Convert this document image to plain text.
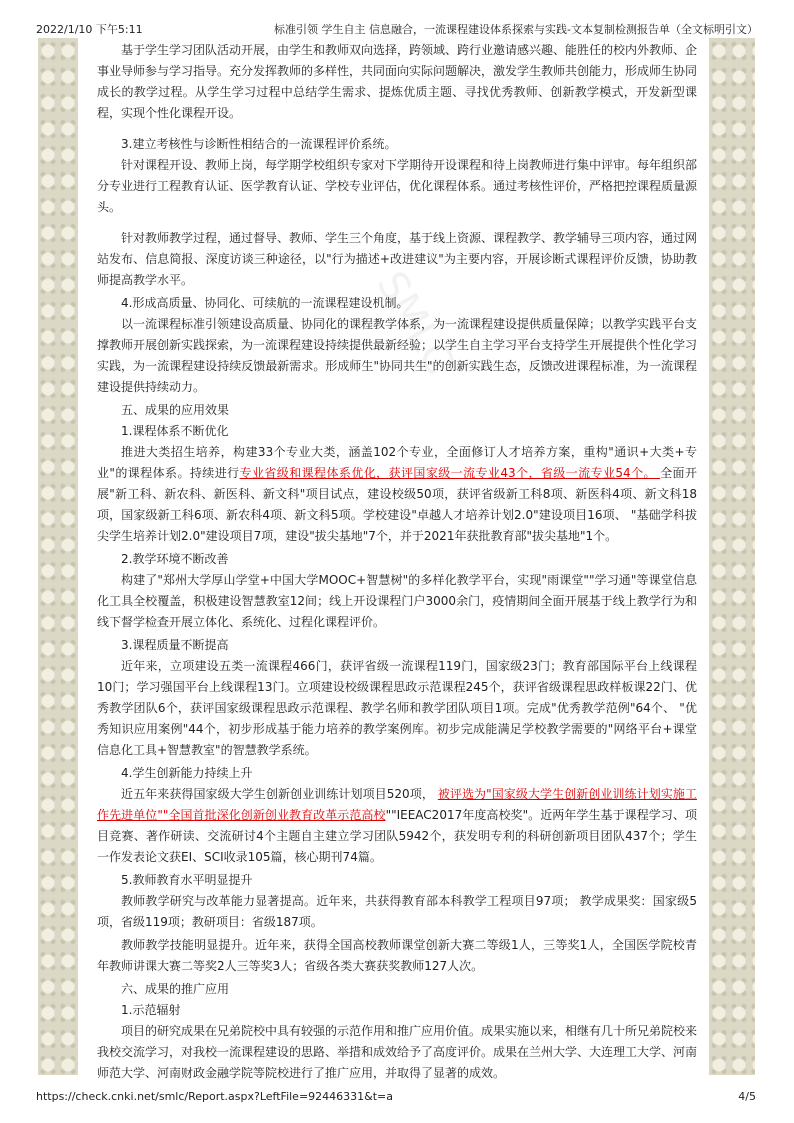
2022/1/10 下午5:11	标准引领 学生自主 信息融合，一流课程建设体系探索与实践-文本复制检测报告单（全文标明引文）
SMLC

基于学生学习团队活动开展，由学生和教师双向选择，跨领域、跨行业邀请感兴趣、能胜任的校内外教师、企事业导师参与学习指导。充分发挥教师的多样性，共同面向实际问题解决，激发学生教师共创能力，形成师生协同成长的教学过程。从学生学习过程中总结学生需求、提炼优质主题、寻找优秀教师、创新教学模式，开发新型课程，实现个性化课程开设。

3.建立考核性与诊断性相结合的一流课程评价系统。

针对课程开设、教师上岗，每学期学校组织专家对下学期待开设课程和待上岗教师进行集中评审。每年组织部分专业进行工程教育认证、医学教育认证、学校专业评估，优化课程体系。通过考核性评价，严格把控课程质量源头。

针对教师教学过程，通过督导、教师、学生三个角度，基于线上资源、课程教学、教学辅导三项内容，通过网站发布、信息简报、深度访谈三种途径，以"行为描述+改进建议"为主要内容，开展诊断式课程评价反馈，协助教师提高教学水平。

4.形成高质量、协同化、可续航的一流课程建设机制。

以一流课程标准引领建设高质量、协同化的课程教学体系，为一流课程建设提供质量保障；以教学实践平台支撑教师开展创新实践探索，为一流课程建设持续提供最新经验；以学生自主学习平台支持学生开展提供个性化学习实践，为一流课程建设持续反馈最新需求。形成师生"协同共生"的创新实践生态，反馈改进课程标准，为一流课程建设提供持续动力。

五、成果的应用效果

1.课程体系不断优化

推进大类招生培养，构建33个专业大类，涵盖102个专业，全面修订人才培养方案，重构"通识+大类+专业"的课程体系。持续进行专业省级和课程体系优化，获评国家级一流专业43个，省级一流专业54个。 全面开展"新工科、新农科、新医科、新文科"项目试点，建设校级50项，获评省级新工科8项、新医科4项、新文科18项，国家级新工科6项、新农科4项、新文科5项。学校建设"卓越人才培养计划2.0"建设项目16项、 "基础学科拔尖学生培养计划2.0"建设项目7项，建设"拔尖基地"7个，并于2021年获批教育部"拔尖基地"1个。

2.教学环境不断改善

构建了"郑州大学厚山学堂+中国大学MOOC+智慧树"的多样化教学平台，实现"雨课堂""学习通"等课堂信息化工具全校覆盖，积极建设智慧教室12间；线上开设课程门户3000余门，疫情期间全面开展基于线上教学行为和线下督学检查开展立体化、系统化、过程化课程评价。

3.课程质量不断提高

近年来，立项建设五类一流课程466门，获评省级一流课程119门，国家级23门；教育部国际平台上线课程10门；学习强国平台上线课程13门。立项建设校级课程思政示范课程245个，获评省级课程思政样板课22门、优秀教学团队6个，获评国家级课程思政示范课程、教学名师和教学团队项目1项。完成"优秀教学范例"64个、 "优秀知识应用案例"44个，初步形成基于能力培养的教学案例库。初步完成能满足学校教学需要的"网络平台+课堂信息化工具+智慧教室"的智慧教学系统。

4.学生创新能力持续上升

近五年来获得国家级大学生创新创业训练计划项目520项， 被评选为"国家级大学生创新创业训练计划实施工作先进单位""全国首批深化创新创业教育改革示范高校""IEEAC2017年度高校奖"。近两年学生基于课程学习、项目竞赛、著作研读、交流研讨4个主题自主建立学习团队5942个，获发明专利的科研创新项目团队437个；学生一作发表论文获EI、SCI收录105篇，核心期刊74篇。

5.教师教育水平明显提升

教师教学研究与改革能力显著提高。近年来，共获得教育部本科教学工程项目97项； 教学成果奖：国家级5项，省级119项；教研项目：省级187项。

教师教学技能明显提升。近年来，获得全国高校教师课堂创新大赛二等级1人，三等奖1人，全国医学院校青年教师讲课大赛二等奖2人三等奖3人；省级各类大赛获奖教师127人次。

六、成果的推广应用

1.示范辐射

项目的研究成果在兄弟院校中具有较强的示范作用和推广应用价值。成果实施以来，相继有几十所兄弟院校来我校交流学习，对我校一流课程建设的思路、举措和成效给予了高度评价。成果在兰州大学、大连理工大学、河南师范大学、河南财政金融学院等院校进行了推广应用，并取得了显著的成效。

https://check.cnki.net/smlc/Report.aspx?LeftFile=92446331&t=a	4/5
